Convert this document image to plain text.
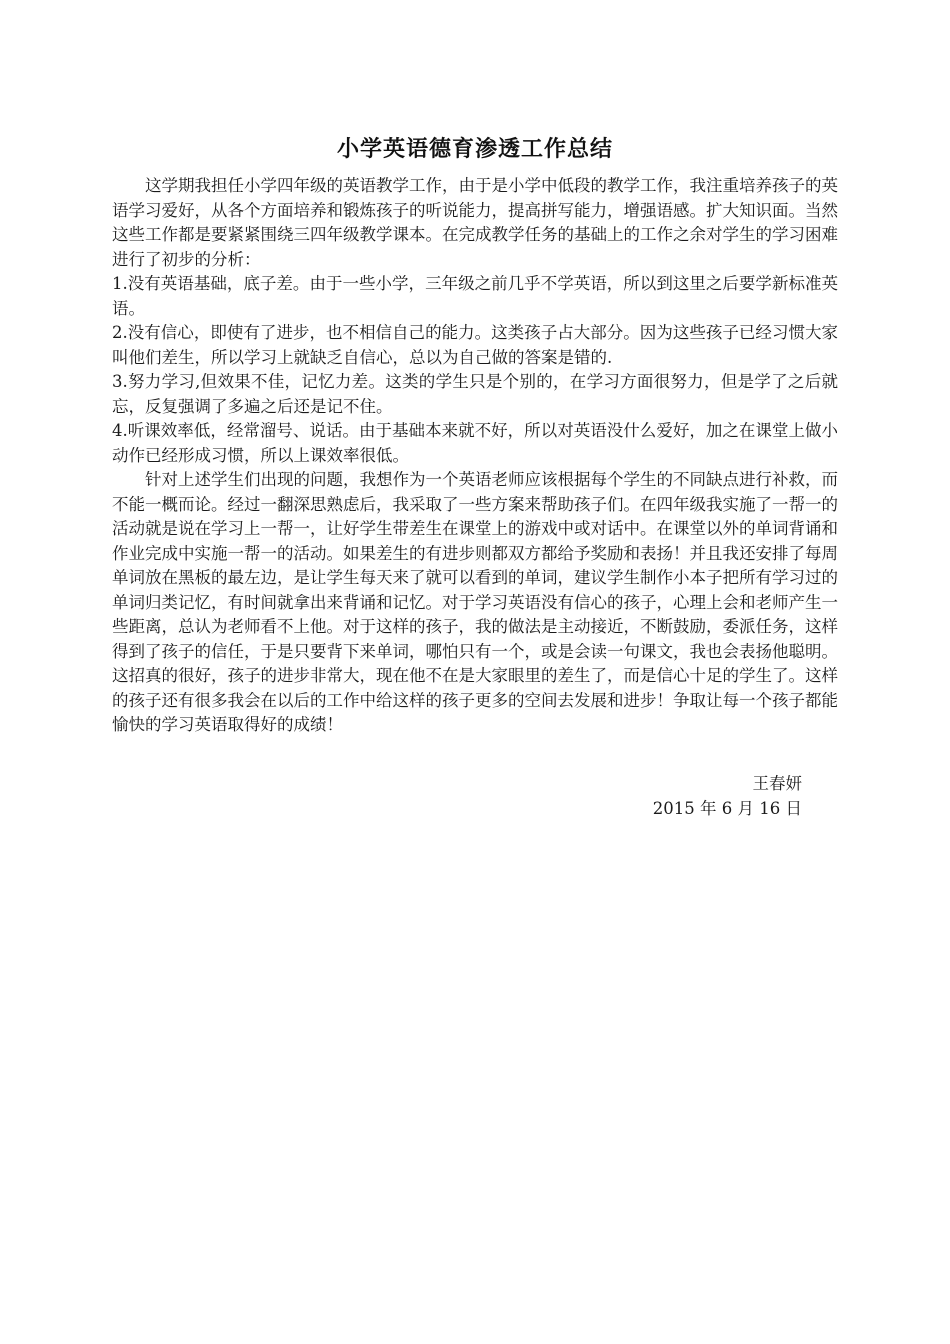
小学英语德育渗透工作总结

这学期我担任小学四年级的英语教学工作，由于是小学中低段的教学工作，我注重培养孩子的英语学习爱好，从各个方面培养和锻炼孩子的听说能力，提高拼写能力，增强语感。扩大知识面。当然这些工作都是要紧紧围绕三四年级教学课本。在完成教学任务的基础上的工作之余对学生的学习困难进行了初步的分析：

1.没有英语基础，底子差。由于一些小学，三年级之前几乎不学英语，所以到这里之后要学新标准英语。

2.没有信心，即使有了进步，也不相信自己的能力。这类孩子占大部分。因为这些孩子已经习惯大家叫他们差生，所以学习上就缺乏自信心，总以为自己做的答案是错的.

3.努力学习,但效果不佳，记忆力差。这类的学生只是个别的，在学习方面很努力，但是学了之后就忘，反复强调了多遍之后还是记不住。

4.听课效率低，经常溜号、说话。由于基础本来就不好，所以对英语没什么爱好，加之在课堂上做小动作已经形成习惯，所以上课效率很低。

针对上述学生们出现的问题，我想作为一个英语老师应该根据每个学生的不同缺点进行补救，而不能一概而论。经过一翻深思熟虑后，我采取了一些方案来帮助孩子们。在四年级我实施了一帮一的活动就是说在学习上一帮一，让好学生带差生在课堂上的游戏中或对话中。在课堂以外的单词背诵和作业完成中实施一帮一的活动。如果差生的有进步则都双方都给予奖励和表扬！并且我还安排了每周单词放在黑板的最左边，是让学生每天来了就可以看到的单词，建议学生制作小本子把所有学习过的单词归类记忆，有时间就拿出来背诵和记忆。对于学习英语没有信心的孩子，心理上会和老师产生一些距离，总认为老师看不上他。对于这样的孩子，我的做法是主动接近，不断鼓励，委派任务，这样得到了孩子的信任，于是只要背下来单词，哪怕只有一个，或是会读一句课文，我也会表扬他聪明。这招真的很好，孩子的进步非常大，现在他不在是大家眼里的差生了，而是信心十足的学生了。这样的孩子还有很多我会在以后的工作中给这样的孩子更多的空间去发展和进步！争取让每一个孩子都能愉快的学习英语取得好的成绩！

王春妍
2015 年 6 月 16 日
